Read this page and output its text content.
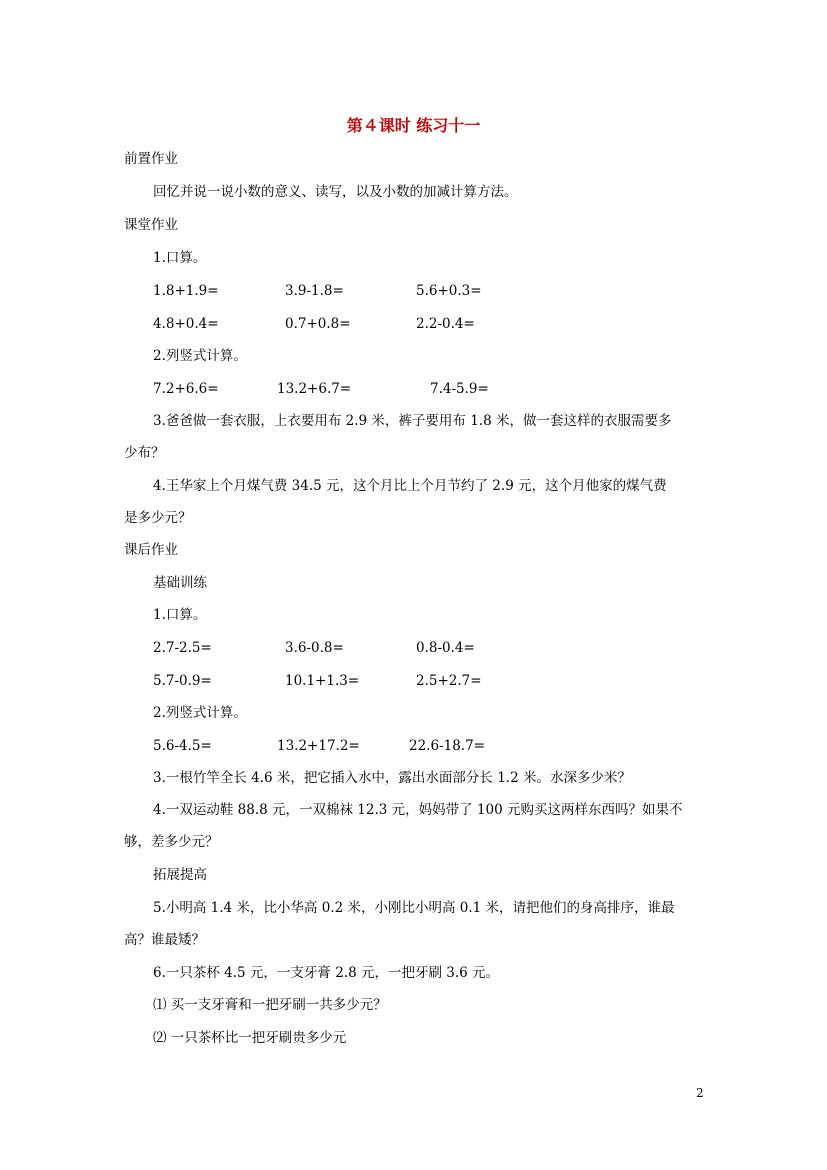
第４课时 练习十一
前置作业
回忆并说一说小数的意义、读写，以及小数的加减计算方法。
课堂作业
1.口算。
1.8+1.9=	3.9-1.8=	5.6+0.3=
4.8+0.4=	0.7+0.8=	2.2-0.4=
2.列竖式计算。
7.2+6.6=	13.2+6.7=	7.4-5.9=
3.爸爸做一套衣服，上衣要用布 2.9 米，裤子要用布 1.8 米，做一套这样的衣服需要多
少布？
4.王华家上个月煤气费 34.5 元，这个月比上个月节约了 2.9 元，这个月他家的煤气费
是多少元？
课后作业
基础训练
1.口算。
2.7-2.5=	3.6-0.8=	0.8-0.4=
5.7-0.9=	10.1+1.3=	2.5+2.7=
2.列竖式计算。
5.6-4.5=	13.2+17.2=	22.6-18.7=
3.一根竹竿全长 4.6 米，把它插入水中，露出水面部分长 1.2 米。水深多少米？
4.一双运动鞋 88.8 元，一双棉袜 12.3 元，妈妈带了 100 元购买这两样东西吗？如果不
够，差多少元？
拓展提高
5.小明高 1.4 米，比小华高 0.2 米，小刚比小明高 0.1 米，请把他们的身高排序，谁最
高？谁最矮？
6.一只茶杯 4.5 元，一支牙膏 2.8 元，一把牙刷 3.6 元。
⑴ 买一支牙膏和一把牙刷一共多少元？
⑵ 一只茶杯比一把牙刷贵多少元
2
